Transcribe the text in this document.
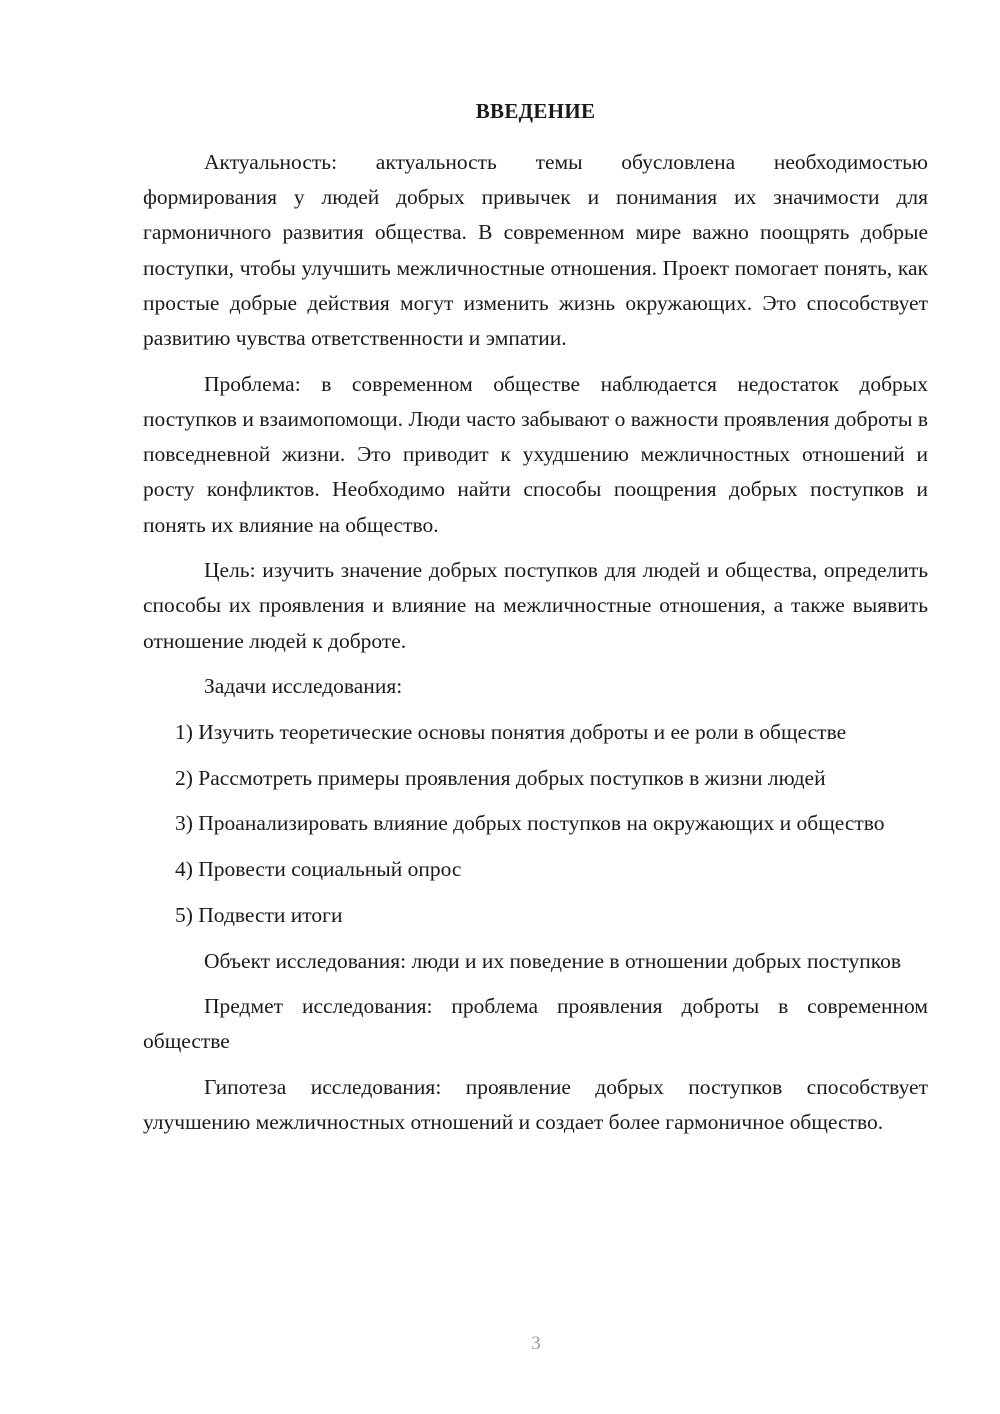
ВВЕДЕНИЕ

Актуальность: актуальность темы обусловлена необходимостью формирования у людей добрых привычек и понимания их значимости для гармоничного развития общества. В современном мире важно поощрять добрые поступки, чтобы улучшить межличностные отношения. Проект помогает понять, как простые добрые действия могут изменить жизнь окружающих. Это способствует развитию чувства ответственности и эмпатии.

Проблема: в современном обществе наблюдается недостаток добрых поступков и взаимопомощи. Люди часто забывают о важности проявления доброты в повседневной жизни. Это приводит к ухудшению межличностных отношений и росту конфликтов. Необходимо найти способы поощрения добрых поступков и понять их влияние на общество.

Цель: изучить значение добрых поступков для людей и общества, определить способы их проявления и влияние на межличностные отношения, а также выявить отношение людей к доброте.

Задачи исследования:

1) Изучить теоретические основы понятия доброты и ее роли в обществе

2) Рассмотреть примеры проявления добрых поступков в жизни людей

3) Проанализировать влияние добрых поступков на окружающих и общество

4) Провести социальный опрос

5) Подвести итоги

Объект исследования: люди и их поведение в отношении добрых поступков

Предмет исследования: проблема проявления доброты в современном обществе

Гипотеза исследования: проявление добрых поступков способствует улучшению межличностных отношений и создает более гармоничное общество.

3
